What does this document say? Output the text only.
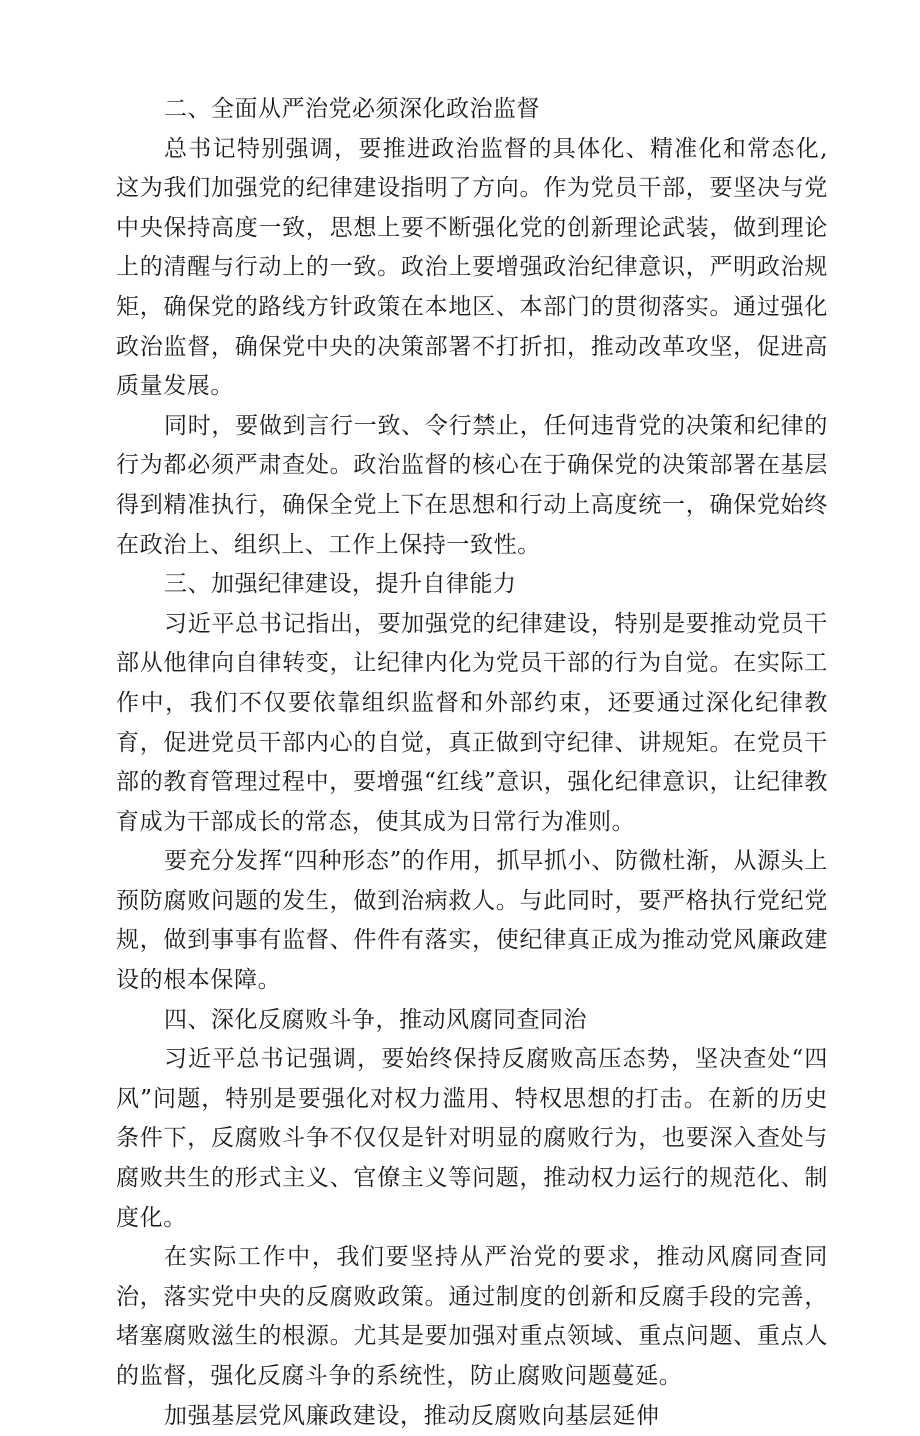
二、全面从严治党必须深化政治监督

总书记特别强调，要推进政治监督的具体化、精准化和常态化,这为我们加强党的纪律建设指明了方向。作为党员干部，要坚决与党中央保持高度一致，思想上要不断强化党的创新理论武装，做到理论上的清醒与行动上的一致。政治上要增强政治纪律意识，严明政治规矩，确保党的路线方针政策在本地区、本部门的贯彻落实。通过强化政治监督，确保党中央的决策部署不打折扣，推动改革攻坚，促进高质量发展。

同时，要做到言行一致、令行禁止，任何违背党的决策和纪律的行为都必须严肃查处。政治监督的核心在于确保党的决策部署在基层得到精准执行，确保全党上下在思想和行动上高度统一，确保党始终在政治上、组织上、工作上保持一致性。

三、加强纪律建设，提升自律能力

习近平总书记指出，要加强党的纪律建设，特别是要推动党员干部从他律向自律转变，让纪律内化为党员干部的行为自觉。在实际工作中，我们不仅要依靠组织监督和外部约束，还要通过深化纪律教育，促进党员干部内心的自觉，真正做到守纪律、讲规矩。在党员干部的教育管理过程中，要增强“红线”意识，强化纪律意识，让纪律教育成为干部成长的常态，使其成为日常行为准则。

要充分发挥“四种形态”的作用，抓早抓小、防微杜渐，从源头上预防腐败问题的发生，做到治病救人。与此同时，要严格执行党纪党规，做到事事有监督、件件有落实，使纪律真正成为推动党风廉政建设的根本保障。

四、深化反腐败斗争，推动风腐同查同治

习近平总书记强调，要始终保持反腐败高压态势，坚决查处“四风”问题，特别是要强化对权力滥用、特权思想的打击。在新的历史条件下，反腐败斗争不仅仅是针对明显的腐败行为，也要深入查处与腐败共生的形式主义、官僚主义等问题，推动权力运行的规范化、制度化。

在实际工作中，我们要坚持从严治党的要求，推动风腐同查同治，落实党中央的反腐败政策。通过制度的创新和反腐手段的完善，堵塞腐败滋生的根源。尤其是要加强对重点领域、重点问题、重点人的监督，强化反腐斗争的系统性，防止腐败问题蔓延。

加强基层党风廉政建设，推动反腐败向基层延伸
